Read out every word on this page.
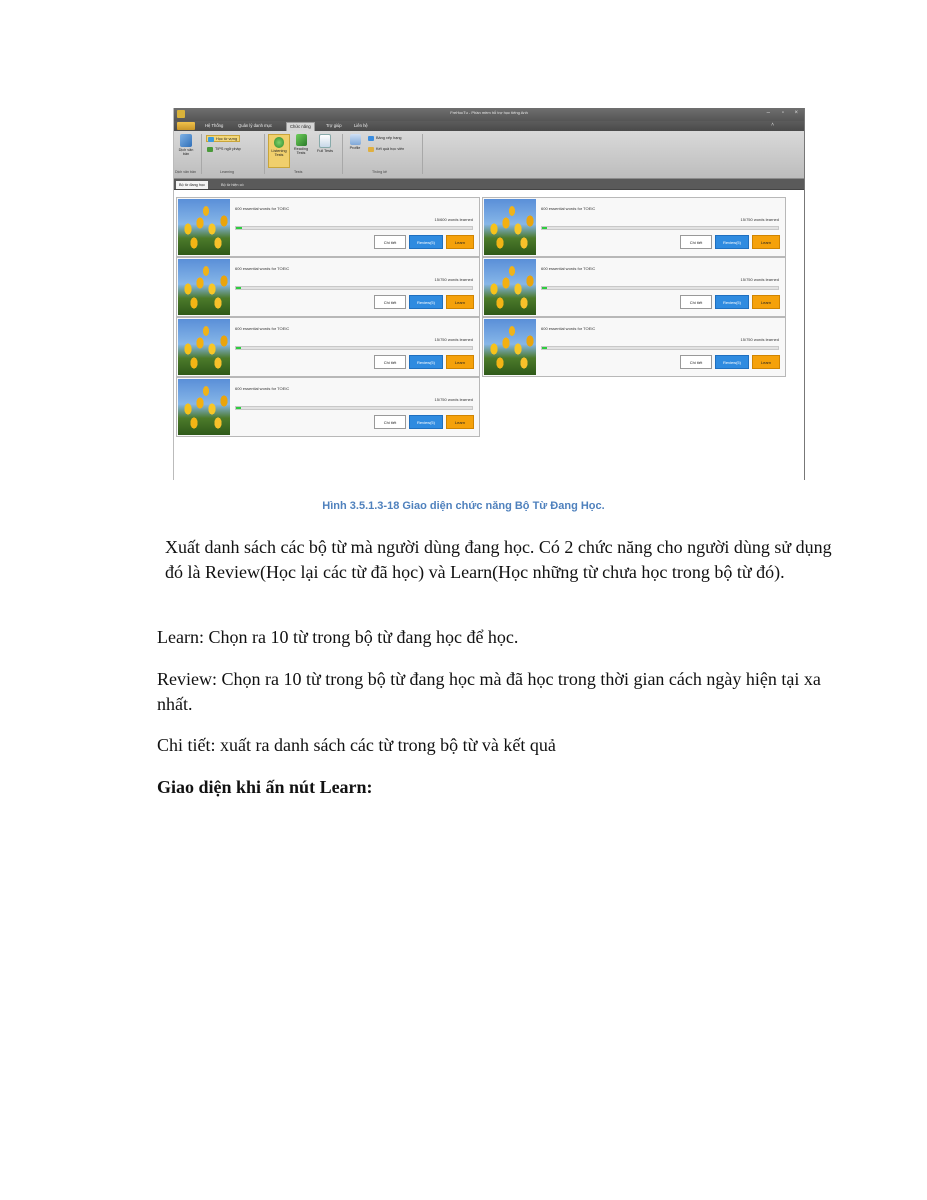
FreHocTu - Phần mềm hỗ trợ học tiếng Anh	– ▫ ×
Hệ Thống	Quản lý danh mục	Chức năng	Trợ giúp	Liên hệ	˄
Dịch văn bản
Học từ vựng
TIPS ngữ pháp	Listening Tests
Reading Tests
Full Tests
Profile
Bảng xếp hạng
Kết quả học viên
Dịch văn bản	Learning	Tests	Thống kê
Bộ từ đang học	Bộ từ hiện có
600 essential words for TOEIC
15/600 words learned
Chi tiết	Review(5)	Learn
600 essential words for TOEIC
15/750 words learned
Chi tiết	Review(5)	Learn
600 essential words for TOEIC
15/750 words learned
Chi tiết	Review(5)	Learn
600 essential words for TOEIC
15/750 words learned
Chi tiết	Review(5)	Learn
600 essential words for TOEIC
15/750 words learned
Chi tiết	Review(5)	Learn
600 essential words for TOEIC
15/750 words learned
Chi tiết	Review(5)	Learn
600 essential words for TOEIC
15/750 words learned
Chi tiết	Review(5)	Learn
Hình 3.5.1.3-18 Giao diện chức năng Bộ Từ Đang Học.

Xuất danh sách các bộ từ mà người dùng đang học. Có 2 chức năng cho người dùng sử dụng đó là Review(Học lại các từ đã học) và Learn(Học những từ chưa học trong bộ từ đó).

Learn: Chọn ra 10 từ trong bộ từ đang học để học.

Review: Chọn ra 10 từ trong bộ từ đang học mà đã học trong thời gian cách ngày hiện tại xa nhất.

Chi tiết: xuất ra danh sách các từ trong bộ từ và kết quả

Giao diện khi ấn nút Learn:
